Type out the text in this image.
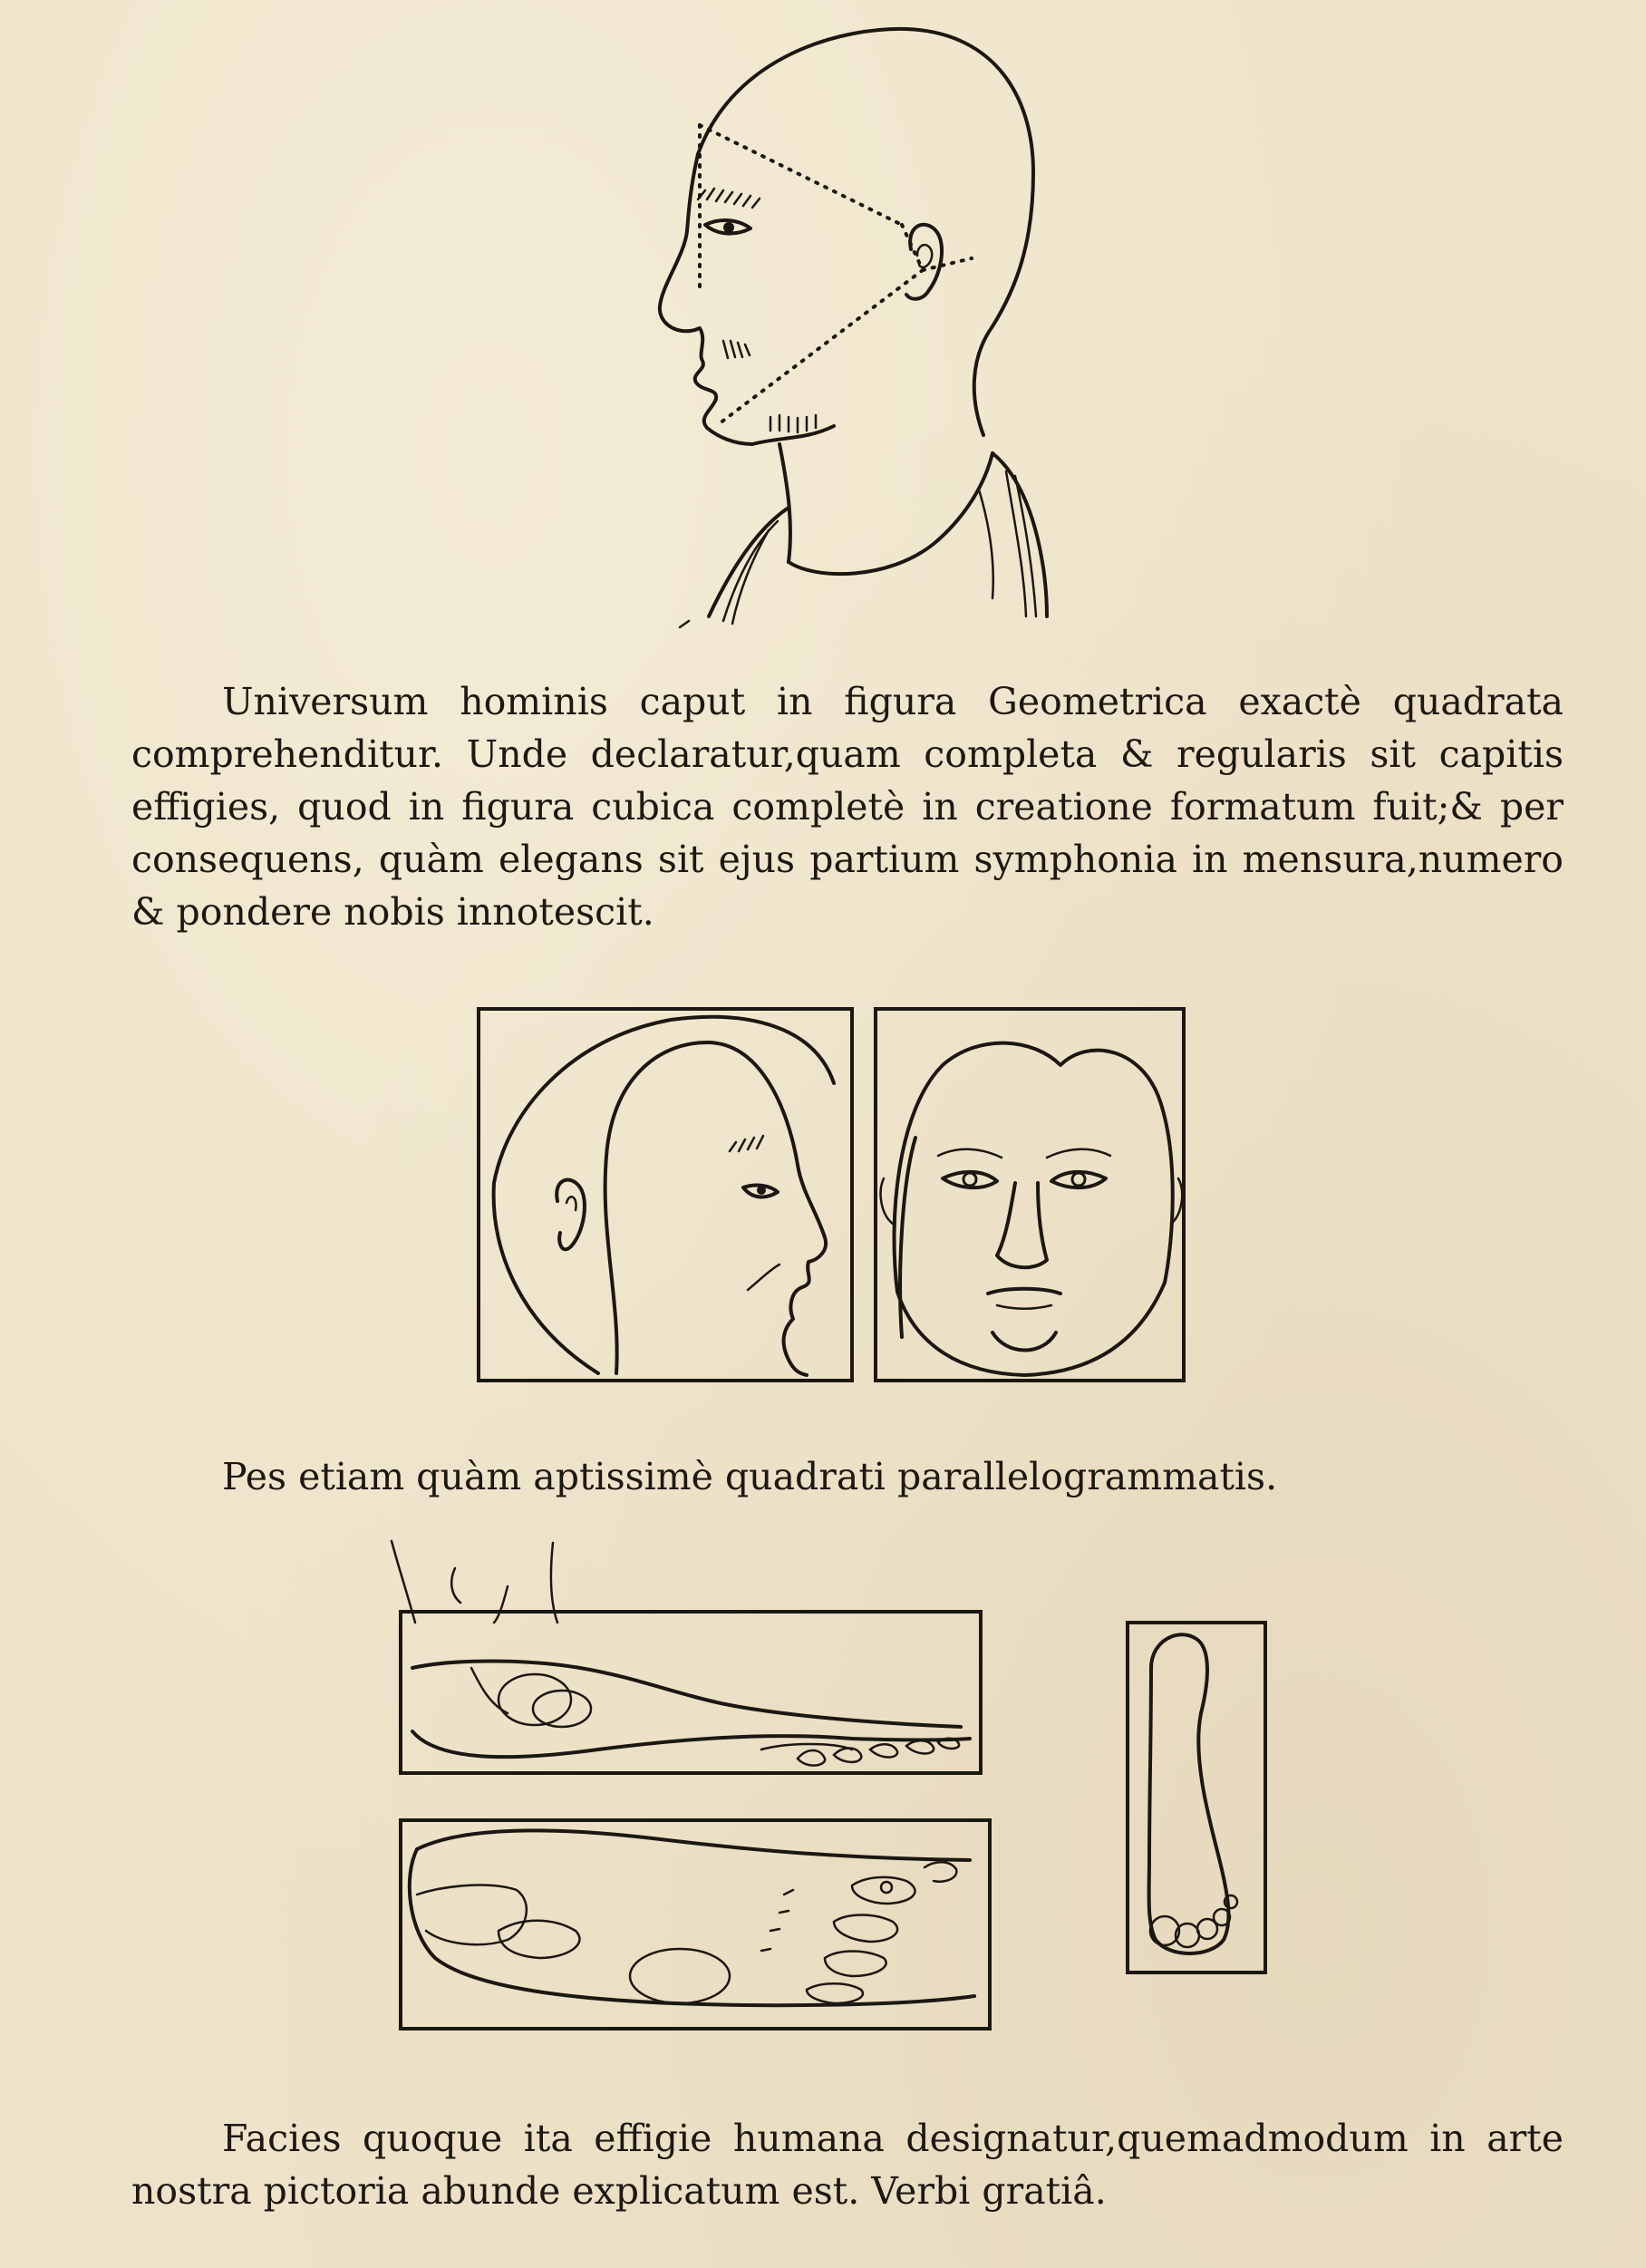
Universum hominis caput in figura Geometrica exactè quadrata comprehenditur. Unde declaratur,quam completa & regularis sit capitis effigies, quod in figura cubica completè in creatione formatum fuit;& per consequens, quàm elegans sit ejus partium symphonia in mensura,numero & pondere nobis innotescit.

Pes etiam quàm aptissimè quadrati parallelogrammatis.

Facies quoque ita effigie humana designatur,quemadmodum in arte nostra pictoria abunde explicatum est. Verbi gratiâ.
